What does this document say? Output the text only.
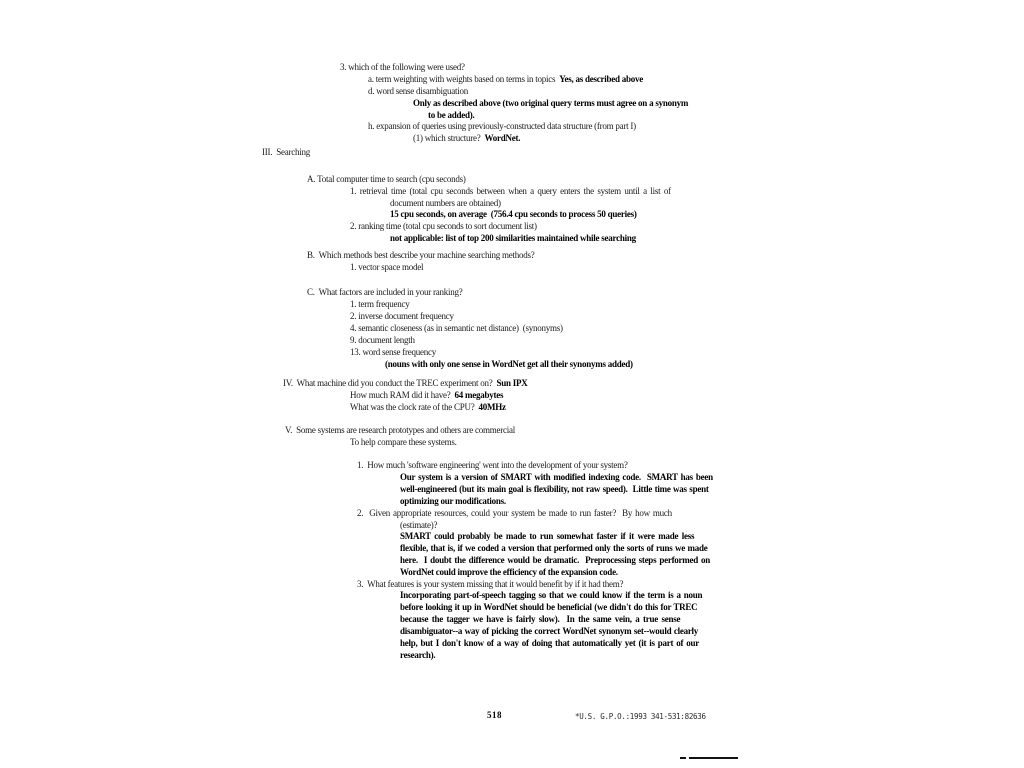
3. which of the following were used?
a. term weighting with weights based on terms in topics  Yes, as described above
d. word sense disambiguation
Only as described above (two original query terms must agree on a synonym
to be added).
h. expansion of queries using previously-constructed data structure (from part I)
(1) which structure?  WordNet.
III.  Searching
A. Total computer time to search (cpu seconds)
1. retrieval time (total cpu seconds between when a query enters the system until a list of
document numbers are obtained)
15 cpu seconds, on average  (756.4 cpu seconds to process 50 queries)
2. ranking time (total cpu seconds to sort document list)
not applicable: list of top 200 similarities maintained while searching
B.  Which methods best describe your machine searching methods?
1. vector space model
C.  What factors are included in your ranking?
1. term frequency
2. inverse document frequency
4. semantic closeness (as in semantic net distance)  (synonyms)
9. document length
13. word sense frequency
(nouns with only one sense in WordNet get all their synonyms added)
IV.  What machine did you conduct the TREC experiment on?  Sun IPX
How much RAM did it have?  64 megabytes
What was the clock rate of the CPU?  40MHz
V.  Some systems are research prototypes and others are commercial
To help compare these systems.
1.  How much 'software engineering' went into the development of your system?
Our system is a version of SMART with modified indexing code.  SMART has been
well-engineered (but its main goal is flexibility, not raw speed).  Little time was spent
optimizing our modifications.
2.  Given appropriate resources, could your system be made to run faster?  By how much
(estimate)?
SMART could probably be made to run somewhat faster if it were made less
flexible, that is, if we coded a version that performed only the sorts of runs we made
here.  I doubt the difference would be dramatic.  Preprocessing steps performed on
WordNet could improve the efficiency of the expansion code.
3.  What features is your system missing that it would benefit by if it had them?
Incorporating part-of-speech tagging so that we could know if the term is a noun
before looking it up in WordNet should be beneficial (we didn't do this for TREC
because the tagger we have is fairly slow).  In the same vein, a true sense
disambiguator--a way of picking the correct WordNet synonym set--would clearly
help, but I don't know of a way of doing that automatically yet (it is part of our
research).
518	*U.S. G.P.O.:1993 341-531:82636
